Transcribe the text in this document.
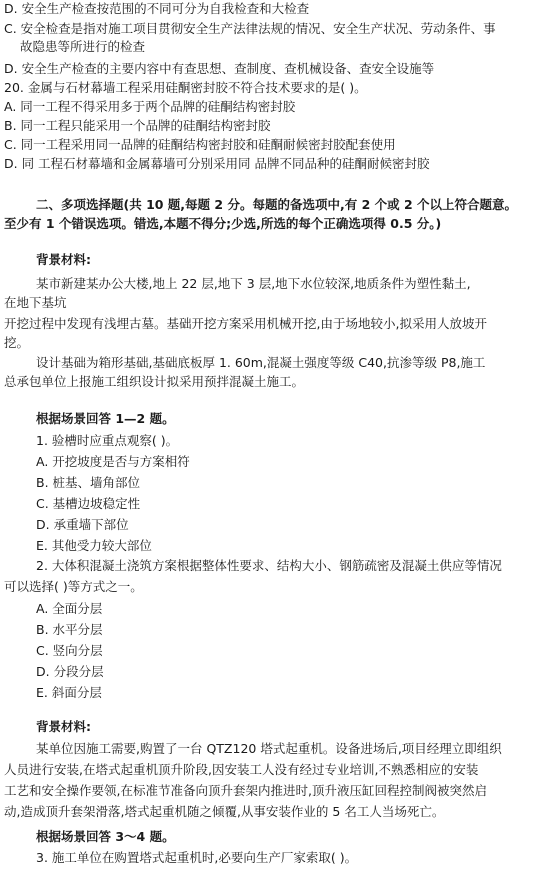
D. 安全生产检查按范围的不同可分为自我检查和大检查
C. 安全检查是指对施工项目贯彻安全生产法律法规的情况、安全生产状况、劳动条件、事
故隐患等所进行的检查
D. 安全生产检查的主要内容中有查思想、查制度、查机械设备、查安全设施等
20. 金属与石材幕墙工程采用硅酮密封胶不符合技术要求的是( )。
A. 同一工程不得采用多于两个品牌的硅酮结构密封胶
B. 同一工程只能采用一个品牌的硅酮结构密封胶
C. 同一工程采用同一品牌的硅酮结构密封胶和硅酮耐候密封胶配套使用
D. 同 工程石材幕墙和金属幕墙可分别采用同 品牌不同品种的硅酮耐候密封胶
二、多项选择题(共 10 题,每题 2 分。每题的备选项中,有 2 个或 2 个以上符合题意。
至少有 1 个错误选项。错选,本题不得分;少选,所选的每个正确选项得 0.5 分。)
背景材料:
某市新建某办公大楼,地上 22 层,地下 3 层,地下水位较深,地质条件为塑性黏土,
在地下基坑
开挖过程中发现有浅埋古墓。基础开挖方案采用机械开挖,由于场地较小,拟采用人放坡开
挖。
设计基础为箱形基础,基础底板厚 1. 60m,混凝土强度等级 C40,抗渗等级 P8,施工
总承包单位上报施工组织设计拟采用预拌混凝土施工。
根据场景回答 1—2 题。
1. 验槽时应重点观察( )。
A. 开挖坡度是否与方案相符
B. 桩基、墙角部位
C. 基槽边坡稳定性
D. 承重墙下部位
E. 其他受力较大部位
2. 大体积混凝土浇筑方案根据整体性要求、结构大小、钢筋疏密及混凝土供应等情况
可以选择( )等方式之一。
A. 全面分层
B. 水平分层
C. 竖向分层
D. 分段分层
E. 斜面分层
背景材料:
某单位因施工需要,购置了一台 QTZ120 塔式起重机。设备进场后,项目经理立即组织
人员进行安装,在塔式起重机顶升阶段,因安装工人没有经过专业培训,不熟悉相应的安装
工艺和安全操作要领,在标准节准备向顶升套架内推进时,顶升液压缸回程控制阀被突然启
动,造成顶升套架滑落,塔式起重机随之倾覆,从事安装作业的 5 名工人当场死亡。
根据场景回答 3～4 题。
3. 施工单位在购置塔式起重机时,必要向生产厂家索取( )。
